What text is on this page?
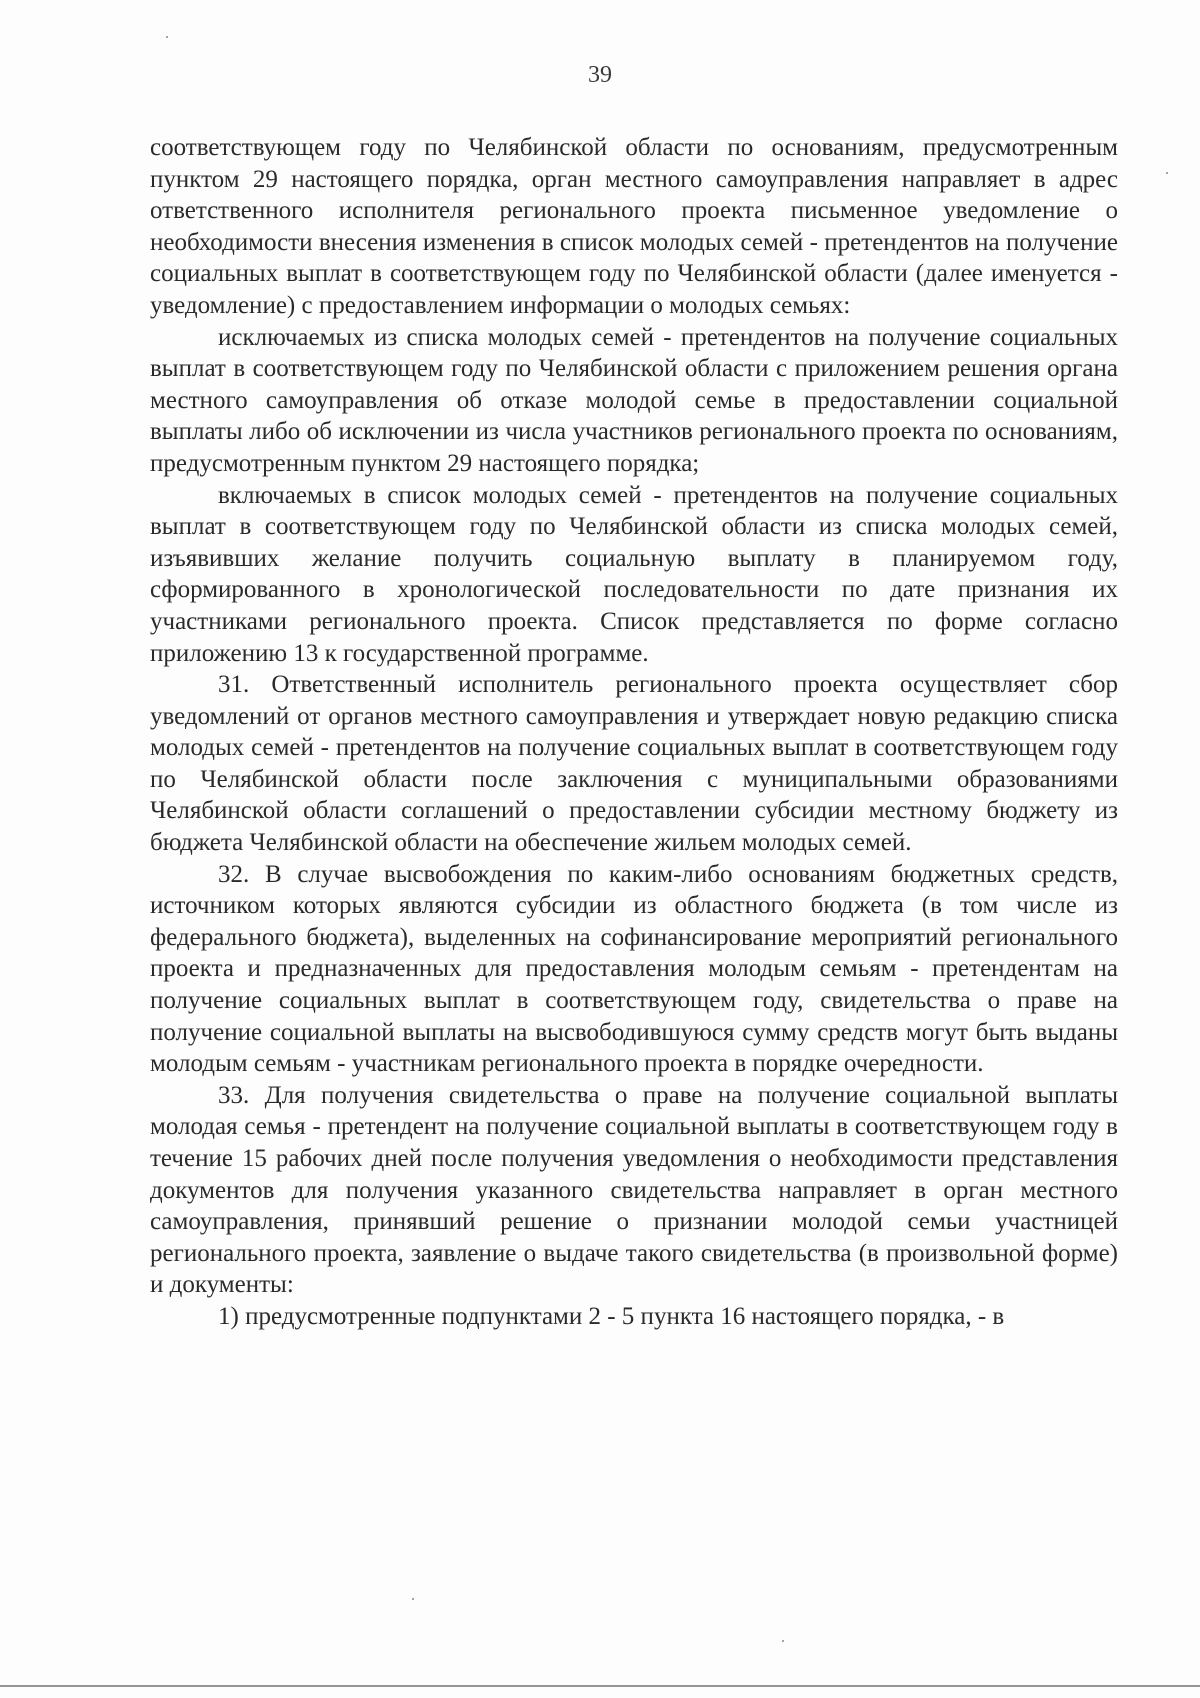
39

соответствующем году по Челябинской области по основаниям, предусмотренным пунктом 29 настоящего порядка, орган местного самоуправления направляет в адрес ответственного исполнителя регионального проекта письменное уведомление о необходимости внесения изменения в список молодых семей - претендентов на получение социальных выплат в соответствующем году по Челябинской области (далее именуется - уведомление) с предоставлением информации о молодых семьях:

исключаемых из списка молодых семей - претендентов на получение социальных выплат в соответствующем году по Челябинской области с приложением решения органа местного самоуправления об отказе молодой семье в предоставлении социальной выплаты либо об исключении из числа участников регионального проекта по основаниям, предусмотренным пунктом 29 настоящего порядка;

включаемых в список молодых семей - претендентов на получение социальных выплат в соответствующем году по Челябинской области из списка молодых семей, изъявивших желание получить социальную выплату в планируемом году, сформированного в хронологической последовательности по дате признания их участниками регионального проекта. Список представляется по форме согласно приложению 13 к государственной программе.

31. Ответственный исполнитель регионального проекта осуществляет сбор уведомлений от органов местного самоуправления и утверждает новую редакцию списка молодых семей - претендентов на получение социальных выплат в соответствующем году по Челябинской области после заключения с муниципальными образованиями Челябинской области соглашений о предоставлении субсидии местному бюджету из бюджета Челябинской области на обеспечение жильем молодых семей.

32. В случае высвобождения по каким-либо основаниям бюджетных средств, источником которых являются субсидии из областного бюджета (в том числе из федерального бюджета), выделенных на софинансирование мероприятий регионального проекта и предназначенных для предоставления молодым семьям - претендентам на получение социальных выплат в соответствующем году, свидетельства о праве на получение социальной выплаты на высвободившуюся сумму средств могут быть выданы молодым семьям - участникам регионального проекта в порядке очередности.

33. Для получения свидетельства о праве на получение социальной выплаты молодая семья - претендент на получение социальной выплаты в соответствующем году в течение 15 рабочих дней после получения уведомления о необходимости представления документов для получения указанного свидетельства направляет в орган местного самоуправления, принявший решение о признании молодой семьи участницей регионального проекта, заявление о выдаче такого свидетельства (в произвольной форме) и документы:

1) предусмотренные подпунктами 2 - 5 пункта 16 настоящего порядка, - в
